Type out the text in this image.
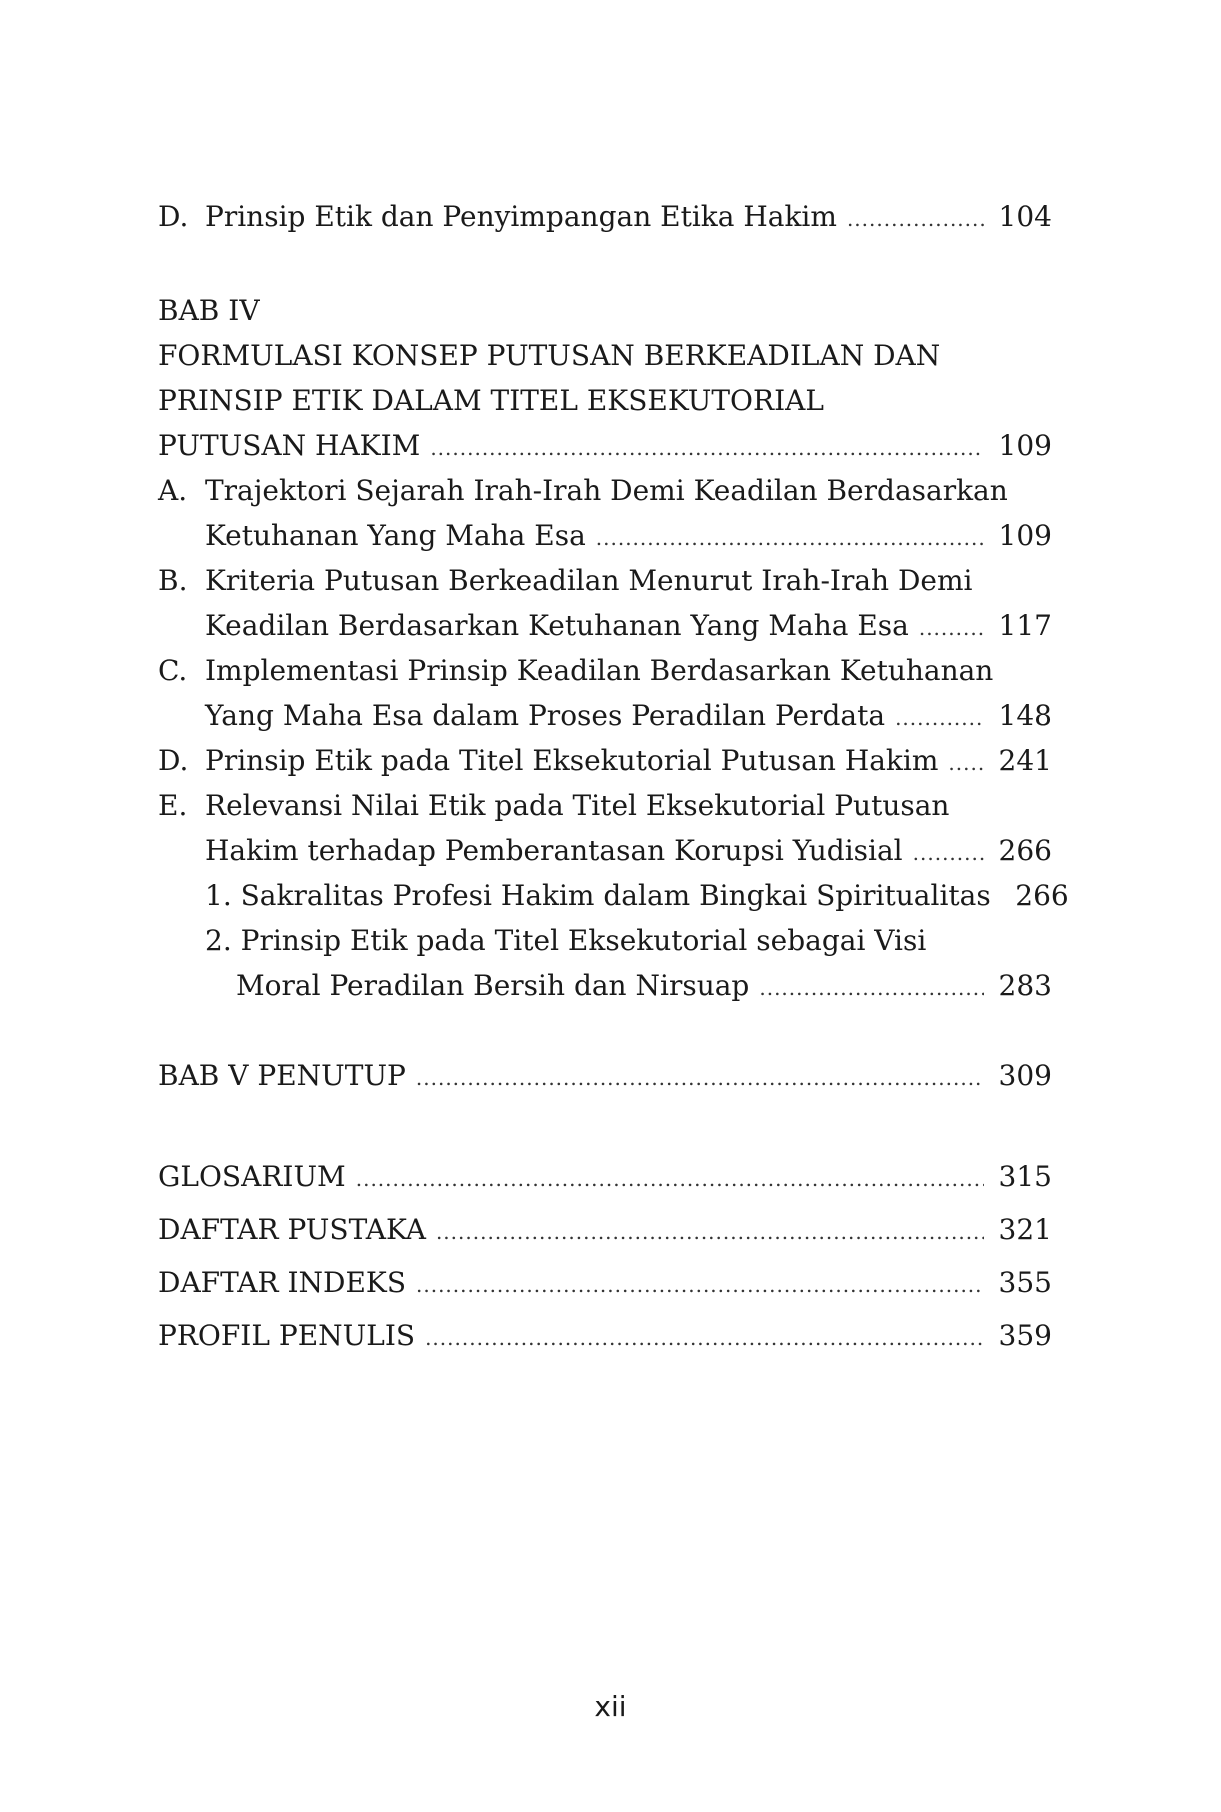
D. Prinsip Etik dan Penyimpangan Etika Hakim .....	104
BAB IV
FORMULASI KONSEP PUTUSAN BERKEADILAN DAN
PRINSIP ETIK DALAM TITEL EKSEKUTORIAL
PUTUSAN HAKIM .....	109
A. Trajektori Sejarah Irah-Irah Demi Keadilan Berdasarkan
Ketuhanan Yang Maha Esa .....	109
B. Kriteria Putusan Berkeadilan Menurut Irah-Irah Demi
Keadilan Berdasarkan Ketuhanan Yang Maha Esa .....	117
C. Implementasi Prinsip Keadilan Berdasarkan Ketuhanan
Yang Maha Esa dalam Proses Peradilan Perdata .....	148
D. Prinsip Etik pada Titel Eksekutorial Putusan Hakim ..... 241
E. Relevansi Nilai Etik pada Titel Eksekutorial Putusan
Hakim terhadap Pemberantasan Korupsi Yudisial .....	266
1. Sakralitas Profesi Hakim dalam Bingkai Spiritualitas 266
2. Prinsip Etik pada Titel Eksekutorial sebagai Visi
Moral Peradilan Bersih dan Nirsuap .....	283
BAB V PENUTUP .....	309
GLOSARIUM .....	315
DAFTAR PUSTAKA .....	321
DAFTAR INDEKS .....	355
PROFIL PENULIS .....	359
xii
